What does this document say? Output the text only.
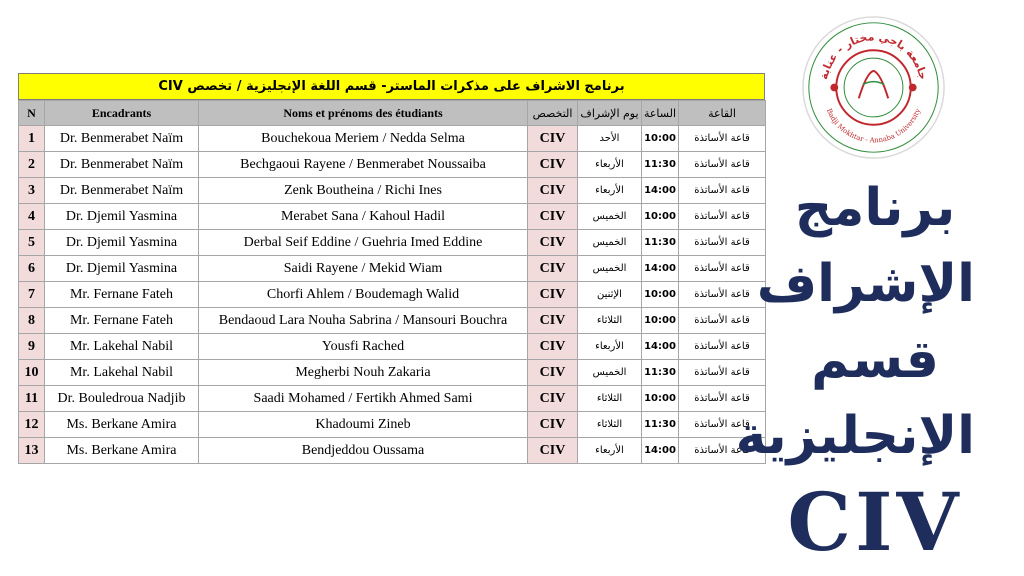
برنامج الاشراف على مذكرات الماستر- قسم اللغة الإنجليزية / تخصص CIV
N	Encadrants	Noms et prénoms des étudiants	التخصص	يوم الإشراف	الساعة	القاعة
1	Dr. Benmerabet Naïm	Bouchekoua Meriem / Nedda Selma	CIV	الأحد	10:00	قاعة الأساتذة
2	Dr. Benmerabet Naïm	Bechgaoui Rayene / Benmerabet Noussaiba	CIV	الأربعاء	11:30	قاعة الأساتذة
3	Dr. Benmerabet Naïm	Zenk Boutheina / Richi Ines	CIV	الأربعاء	14:00	قاعة الأساتذة
4	Dr. Djemil Yasmina	Merabet Sana / Kahoul Hadil	CIV	الخميس	10:00	قاعة الأساتذة
5	Dr. Djemil Yasmina	Derbal Seif Eddine / Guehria Imed Eddine	CIV	الخميس	11:30	قاعة الأساتذة
6	Dr. Djemil Yasmina	Saidi Rayene / Mekid Wiam	CIV	الخميس	14:00	قاعة الأساتذة
7	Mr. Fernane Fateh	Chorfi Ahlem / Boudemagh Walid	CIV	الإثنين	10:00	قاعة الأساتذة
8	Mr. Fernane Fateh	Bendaoud Lara Nouha Sabrina / Mansouri Bouchra	CIV	الثلاثاء	10:00	قاعة الأساتذة
9	Mr. Lakehal Nabil	Yousfi Rached	CIV	الأربعاء	14:00	قاعة الأساتذة
10	Mr. Lakehal Nabil	Megherbi Nouh Zakaria	CIV	الخميس	11:30	قاعة الأساتذة
11	Dr. Bouledroua Nadjib	Saadi Mohamed / Fertikh Ahmed Sami	CIV	الثلاثاء	10:00	قاعة الأساتذة
12	Ms. Berkane Amira	Khadoumi Zineb	CIV	الثلاثاء	11:30	قاعة الأساتذة
13	Ms. Berkane Amira	Bendjeddou Oussama	CIV	الأربعاء	14:00	قاعة الأساتذة
جامعة باجي مختار - عنابة
Badji Mokhtar - Annaba University
برنامج
الإشراف
قسم
الإنجليزية
CIV
